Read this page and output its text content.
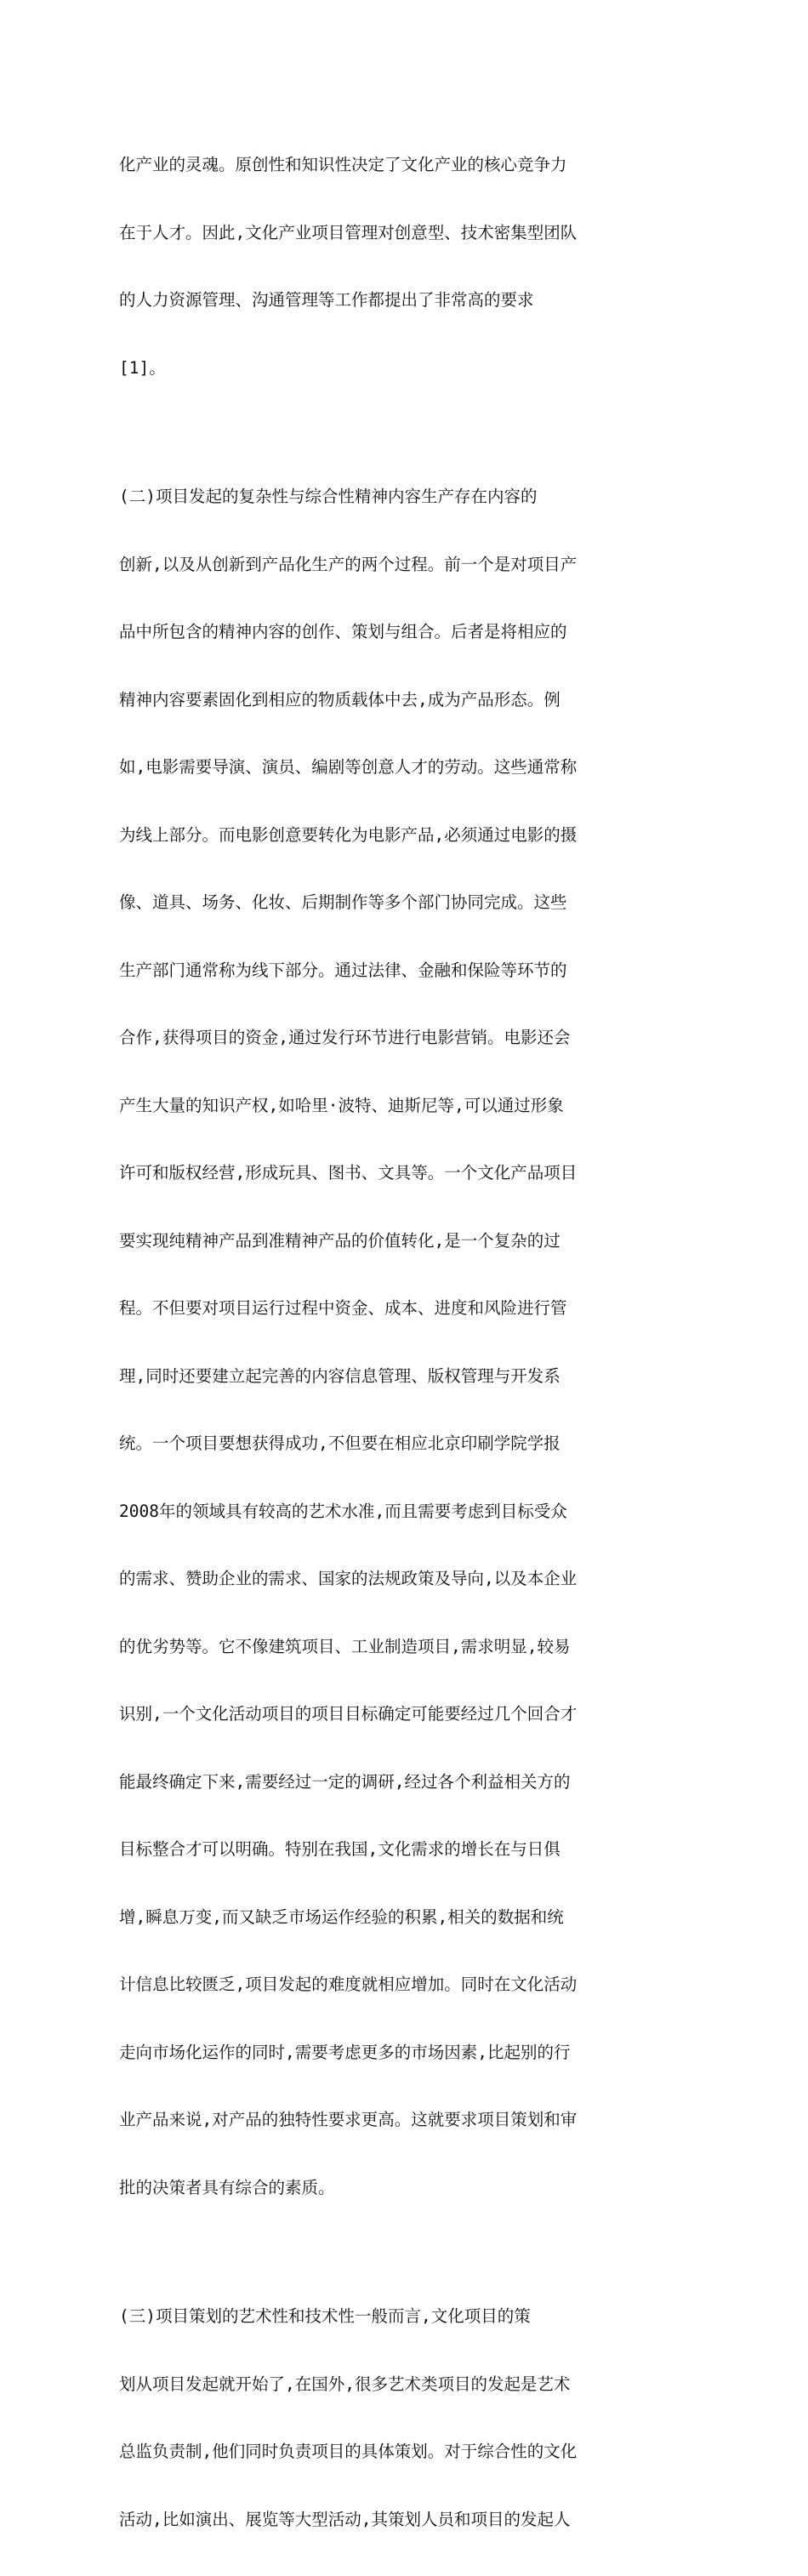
化产业的灵魂。原创性和知识性决定了文化产业的核心竞争力

在于人才。因此,文化产业项目管理对创意型、技术密集型团队

的人力资源管理、沟通管理等工作都提出了非常高的要求

[1]。

(二)项目发起的复杂性与综合性精神内容生产存在内容的

创新,以及从创新到产品化生产的两个过程。前一个是对项目产

品中所包含的精神内容的创作、策划与组合。后者是将相应的

精神内容要素固化到相应的物质载体中去,成为产品形态。例

如,电影需要导演、演员、编剧等创意人才的劳动。这些通常称

为线上部分。而电影创意要转化为电影产品,必须通过电影的摄

像、道具、场务、化妆、后期制作等多个部门协同完成。这些

生产部门通常称为线下部分。通过法律、金融和保险等环节的

合作,获得项目的资金,通过发行环节进行电影营销。电影还会

产生大量的知识产权,如哈里·波特、迪斯尼等,可以通过形象

许可和版权经营,形成玩具、图书、文具等。一个文化产品项目

要实现纯精神产品到准精神产品的价值转化,是一个复杂的过

程。不但要对项目运行过程中资金、成本、进度和风险进行管

理,同时还要建立起完善的内容信息管理、版权管理与开发系

统。一个项目要想获得成功,不但要在相应北京印刷学院学报

2008年的领域具有较高的艺术水准,而且需要考虑到目标受众

的需求、赞助企业的需求、国家的法规政策及导向,以及本企业

的优劣势等。它不像建筑项目、工业制造项目,需求明显,较易

识别,一个文化活动项目的项目目标确定可能要经过几个回合才

能最终确定下来,需要经过一定的调研,经过各个利益相关方的

目标整合才可以明确。特别在我国,文化需求的增长在与日俱

增,瞬息万变,而又缺乏市场运作经验的积累,相关的数据和统

计信息比较匮乏,项目发起的难度就相应增加。同时在文化活动

走向市场化运作的同时,需要考虑更多的市场因素,比起别的行

业产品来说,对产品的独特性要求更高。这就要求项目策划和审

批的决策者具有综合的素质。

(三)项目策划的艺术性和技术性一般而言,文化项目的策

划从项目发起就开始了,在国外,很多艺术类项目的发起是艺术

总监负责制,他们同时负责项目的具体策划。对于综合性的文化

活动,比如演出、展览等大型活动,其策划人员和项目的发起人
